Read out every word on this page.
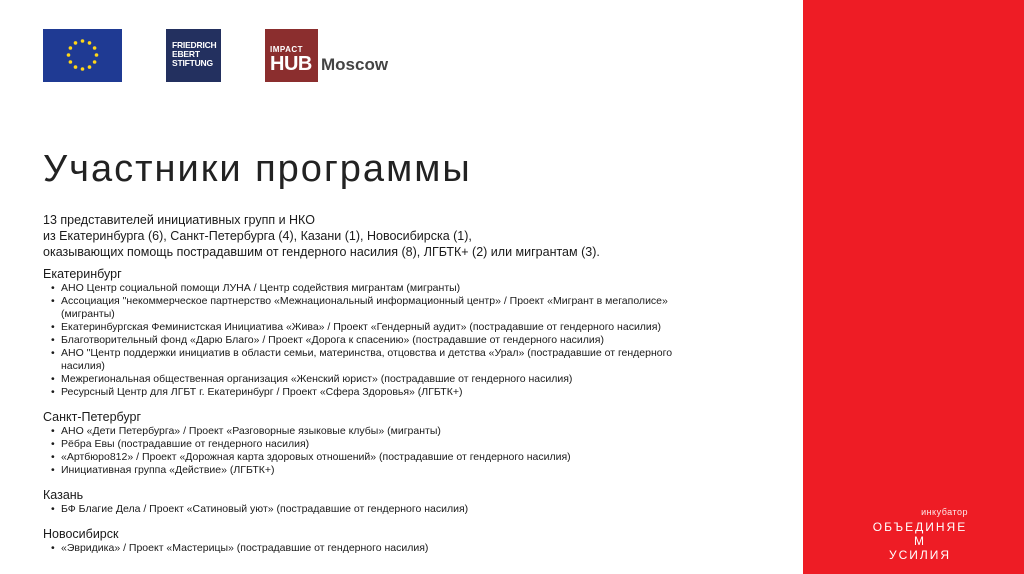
инкубатор
ОБЪЕДИНЯЕ
М
УСИЛИЯ
FRIEDRICH
EBERT
STIFTUNG
IMPACT
HUB Moscow
Участники программы
13 представителей инициативных групп и НКО
из Екатеринбурга (6), Санкт-Петербурга (4), Казани (1), Новосибирска (1),
оказывающих помощь пострадавшим от гендерного насилия (8), ЛГБТК+ (2) или мигрантам (3).
Екатеринбург
• АНО Центр социальной помощи ЛУНА / Центр содействия мигрантам (мигранты)
• Ассоциация "некоммерческое партнерство «Межнациональный информационный центр» / Проект «Мигрант в мегаполисе» (мигранты)
• Екатеринбургская Феминистская Инициатива «Жива» / Проект «Гендерный аудит» (пострадавшие от гендерного насилия)
• Благотворительный фонд «Дарю Благо» / Проект «Дорога к спасению» (пострадавшие от гендерного насилия)
• АНО "Центр поддержки инициатив в области семьи, материнства, отцовства и детства «Урал» (пострадавшие от гендерного насилия)
• Межрегиональная общественная организация «Женский юрист» (пострадавшие от гендерного насилия)
• Ресурсный Центр для ЛГБТ г. Екатеринбург / Проект «Сфера Здоровья» (ЛГБТК+)
Санкт-Петербург
• АНО «Дети Петербурга» / Проект «Разговорные языковые клубы» (мигранты)
• Рёбра Евы (пострадавшие от гендерного насилия)
• «Артбюро812» / Проект «Дорожная карта здоровых отношений» (пострадавшие от гендерного насилия)
• Инициативная группа «Действие» (ЛГБТК+)
Казань
• БФ Благие Дела / Проект «Сатиновый уют» (пострадавшие от гендерного насилия)
Новосибирск
• «Эвридика» / Проект «Мастерицы» (пострадавшие от гендерного насилия)
